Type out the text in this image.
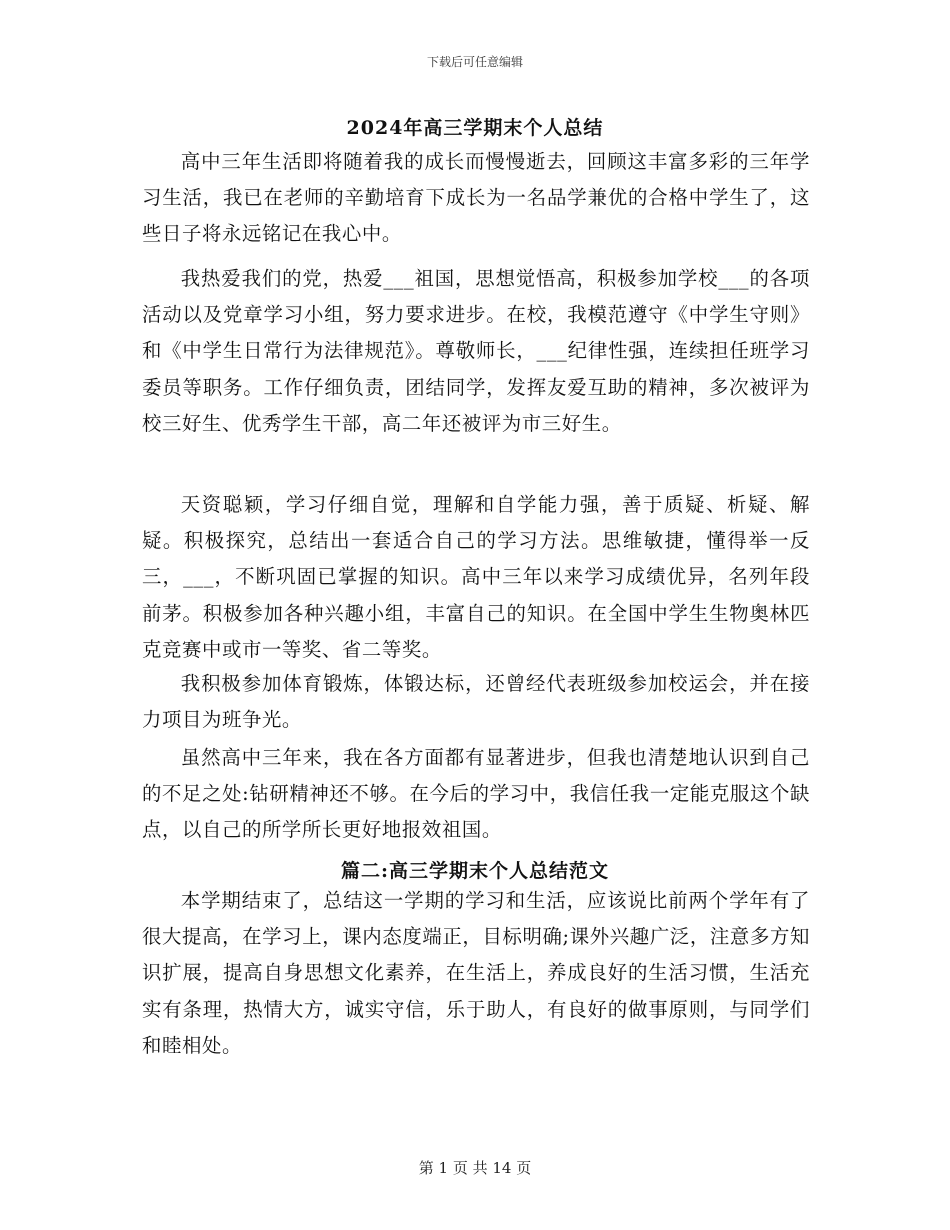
下载后可任意编辑
2024年高三学期末个人总结

高中三年生活即将随着我的成长而慢慢逝去，回顾这丰富多彩的三年学习生活，我已在老师的辛勤培育下成长为一名品学兼优的合格中学生了，这些日子将永远铭记在我心中。

我热爱我们的党，热爱___祖国，思想觉悟高，积极参加学校___的各项活动以及党章学习小组，努力要求进步。在校，我模范遵守《中学生守则》和《中学生日常行为法律规范》。尊敬师长，___纪律性强，连续担任班学习委员等职务。工作仔细负责，团结同学，发挥友爱互助的精神，多次被评为校三好生、优秀学生干部，高二年还被评为市三好生。

天资聪颖，学习仔细自觉，理解和自学能力强，善于质疑、析疑、解疑。积极探究，总结出一套适合自己的学习方法。思维敏捷，懂得举一反三，___，不断巩固已掌握的知识。高中三年以来学习成绩优异，名列年段前茅。积极参加各种兴趣小组，丰富自己的知识。在全国中学生生物奥林匹克竞赛中或市一等奖、省二等奖。

我积极参加体育锻炼，体锻达标，还曾经代表班级参加校运会，并在接力项目为班争光。

虽然高中三年来，我在各方面都有显著进步，但我也清楚地认识到自己的不足之处:钻研精神还不够。在今后的学习中，我信任我一定能克服这个缺点，以自己的所学所长更好地报效祖国。

篇二:高三学期末个人总结范文

本学期结束了，总结这一学期的学习和生活，应该说比前两个学年有了很大提高，在学习上，课内态度端正，目标明确;课外兴趣广泛，注意多方知识扩展，提高自身思想文化素养，在生活上，养成良好的生活习惯，生活充实有条理，热情大方，诚实守信，乐于助人，有良好的做事原则，与同学们和睦相处。

第 1 页 共 14 页
